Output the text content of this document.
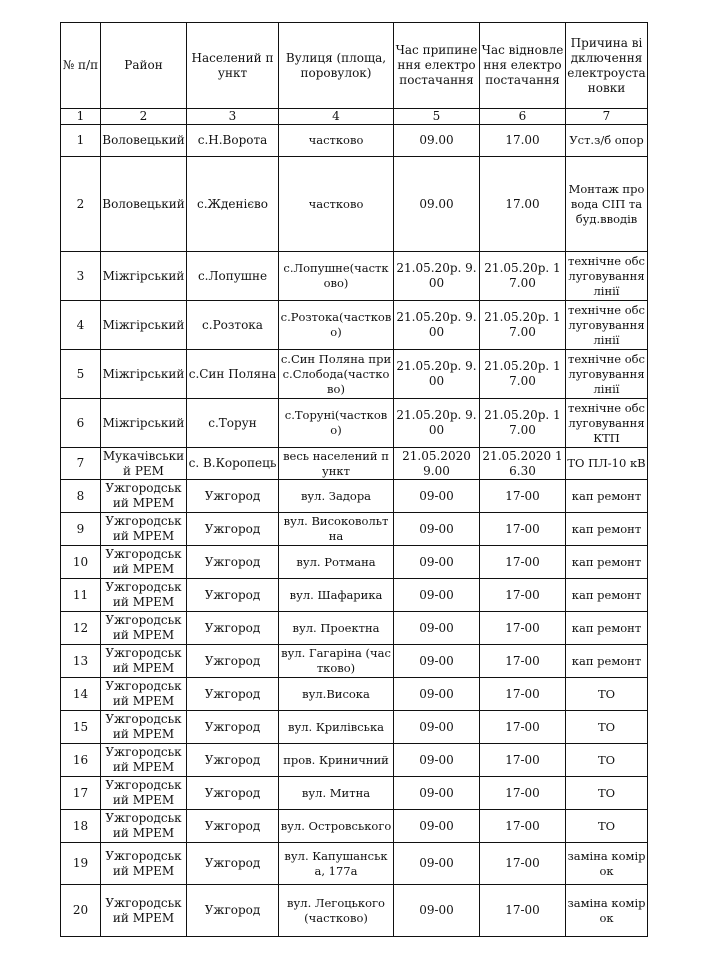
№ п/п	Район	Населений пункт	Вулиця (площа, поровулок)	Час припинення електропостачання	Час відновлення електропостачання	Причина відключення електроустановки
1	2	3	4	5	6	7
1	Воловецький	с.Н.Ворота	частково	09.00	17.00	Уст.з/б опор
2	Воловецький	с.Жденієво	частково	09.00	17.00	Монтаж провода СІП та буд.вводів
3	Міжгірський	с.Лопушне	с.Лопушне(частково)	21.05.20р. 9.00	21.05.20р. 17.00	технічне обслуговування лінії
4	Міжгірський	с.Розтока	с.Розтока(частково)	21.05.20р. 9.00	21.05.20р. 17.00	технічне обслуговування лінії
5	Міжгірський	с.Син Поляна	с.Син Поляна прис.Слобода(частково)	21.05.20р. 9.00	21.05.20р. 17.00	технічне обслуговування лінії
6	Міжгірський	с.Торун	с.Торуні(частково)	21.05.20р. 9.00	21.05.20р. 17.00	технічне обслуговування КТП
7	Мукачівський РЕМ	с. В.Коропець	весь населений пункт	21.05.2020 9.00	21.05.2020 16.30	ТО ПЛ-10 кВ
8	Ужгородський МРЕМ	Ужгород	вул. Задора	09-00	17-00	кап ремонт
9	Ужгородський МРЕМ	Ужгород	вул. Високовольтна	09-00	17-00	кап ремонт
10	Ужгородський МРЕМ	Ужгород	вул. Ротмана	09-00	17-00	кап ремонт
11	Ужгородський МРЕМ	Ужгород	вул. Шафарика	09-00	17-00	кап ремонт
12	Ужгородський МРЕМ	Ужгород	вул. Проектна	09-00	17-00	кап ремонт
13	Ужгородський МРЕМ	Ужгород	вул. Гагаріна (частково)	09-00	17-00	кап ремонт
14	Ужгородський МРЕМ	Ужгород	вул.Висока	09-00	17-00	ТО
15	Ужгородський МРЕМ	Ужгород	вул. Крилівська	09-00	17-00	ТО
16	Ужгородський МРЕМ	Ужгород	пров. Криничний	09-00	17-00	ТО
17	Ужгородський МРЕМ	Ужгород	вул. Митна	09-00	17-00	ТО
18	Ужгородський МРЕМ	Ужгород	вул. Островського	09-00	17-00	ТО
19	Ужгородський МРЕМ	Ужгород	вул. Капушанська, 177а	09-00	17-00	заміна комірок
20	Ужгородський МРЕМ	Ужгород	вул. Легоцького (частково)	09-00	17-00	заміна комірок
